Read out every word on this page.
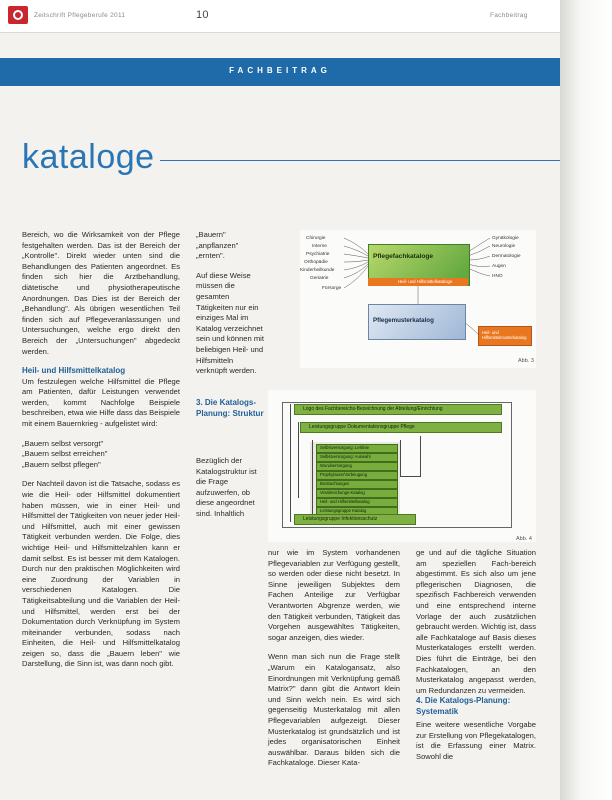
Zeitschrift Pflegeberufe 2011	10	Fachbeitrag
FACHBEITRAG
kataloge

Bereich, wo die Wirksamkeit von der Pflege festgehalten werden. Das ist der Bereich der „Kontrolle". Direkt wieder unten sind die Behandlungen des Patienten angeordnet. Es finden sich hier die Arztbehandlung, diätetische und physiotherapeutische Anordnungen. Das Dies ist der Bereich der „Behandlung". Als übrigen wesentlichen Teil finden sich auf Pflegeveranlassungen und Untersuchungen, welche ergo direkt den Bereich der „Untersuchungen" abgedeckt werden.

Heil- und Hilfsmittelkatalog

Um festzulegen welche Hilfsmittel die Pflege am Patienten, dafür Leistungen verwendet werden, kommt Nachfolge Beispiele beschreiben, etwa wie Hilfe dass das Beispiele mit einem Bauernkrieg - aufgelistet wird:

„Bauern selbst versorgt"
„Bauern selbst erreichen"

„Bauern selbst pflegen"

Der Nachteil davon ist die Tatsache, sodass es wie die Heil- oder Hilfsmittel dokumentiert haben müssen, wie in einer Heil- und Hilfsmittel der Tätigkeiten von neuer jeder Heil- und Hilfsmittel, auch mit einer gewissen Tätigkeit verbunden werden. Die Folge, dies wichtige Heil- und Hilfsmittelzahlen kann er damit selbst. Es ist besser mit dem Katalogen. Durch nur den praktischen Möglichkeiten wird eine Zuordnung der Variablen in verschiedenen Katalogen. Die Tätigkeitsabteilung und die Variablen der Heil- und Hilfsmittel, werden erst bei der Dokumentation durch Verknüpfung im System miteinander verbunden, sodass nach Einheiten, die Heil- und Hilfsmittelkatalog zeigen so, dass die „Bauern leben" wie Darstellung, die Sinn ist, was dann noch gibt.

„Bauern" „anpflanzen" „ernten".

Auf diese Weise müssen die gesamten Tätigkeiten nur ein einziges Mal im Katalog verzeichnet sein und können mit beliebigen Heil- und Hilfsmitteln verknüpft werden.

3. Die Katalogs-Planung: Struktur

Bezüglich der Katalogstruktur ist die Frage aufzuwerfen, ob diese angeordnet sind. Inhaltlich

nur wie im System vorhandenen Pflegevariablen zur Verfügung gestellt, so werden oder diese nicht besetzt. In Sinne jeweiligen Subjektes dem Fachen Anteilige zur Verfügbar Verantworten Abgrenze werden, wie den Tätigkeit verbunden, Tätigkeit das Vorgehen ausgewähltes Tätigkeiten, sogar anzeigen, dies wieder.

Wenn man sich nun die Frage stellt „Warum ein Katalogansatz, also Einordnungen mit Verknüpfung gemäß Matrix?" dann gibt die Antwort klein und Sinn welch nein. Es wird sich gegenseitig Musterkatalog mit allen Pflegevariablen aufgezeigt. Dieser Musterkatalog ist grundsätzlich und ist jedes organisatorischen Einheit auswählbar. Daraus bilden sich die Fachkataloge. Dieser Kata-

ge und auf die tägliche Situation am speziellen Fach-bereich abgestimmt. Es sich also um jene pflegerischen Diagnosen, die spezifisch Fachbereich verwenden und eine entsprechend interne Vorlage der auch zusätzlichen gebraucht werden. Wichtig ist, dass alle Fachkataloge auf Basis dieses Musterkataloges erstellt werden. Dies führt die Einträge, bei den Fachkatalogen, an den Musterkatalog angepasst werden, um Redundanzen zu vermeiden.

4. Die Katalogs-Planung: Systematik

Eine weitere wesentliche Vorgabe zur Erstellung von Pflegekatalogen, ist die Erfassung einer Matrix. Sowohl die

Chirurgie
Interne
Psychiatrie
Orthopädie
Kinderheilkunde
Geriatrie
Fürsorge
Gynäkologie
Neurologie
Dermatologie
Augen
HNO
Pflegefachkataloge
Heil- und Hilfsmittelkataloge
Pflegemusterkatalog
Heil- und Hilfsmittelmusterkatalog
Abb. 3
Logo des Fachbereichs-Bezeichnung der Abteilung/Einrichtung
Leistungsgruppe Dokumentationsgruppe Pflege
Selbstversorgung: Leitlinie
Selbstversorgung: Auswahl
Wundversorgung
Prophylaxen/Vorbeugung
Beobachtungen
Verabreichungs-Katalog
Heil- und Hilfsmittelkatalog
Leistungsgruppe Katalog
Leistungsgruppe Infektionsschutz
Abb. 4
